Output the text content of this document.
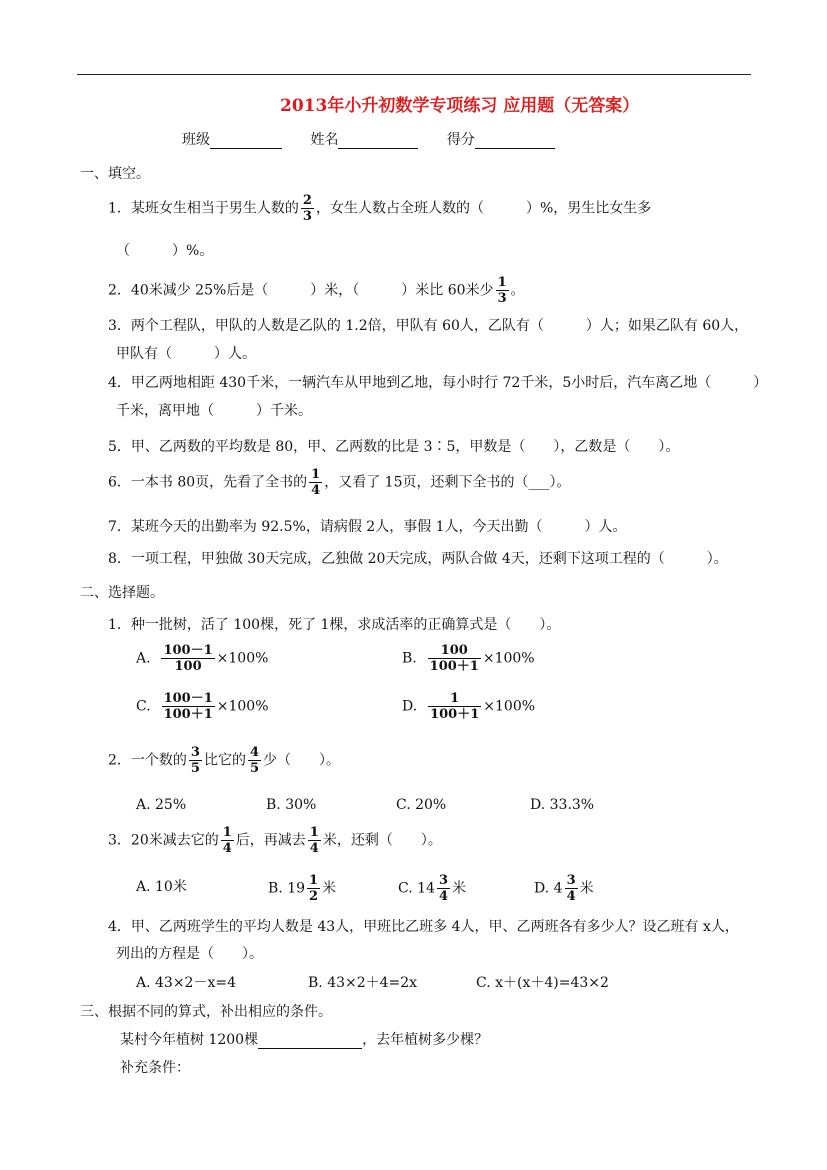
2013年小升初数学专项练习 应用题（无答案）
班级	姓名	得分
一、填空。
1．某班女生相当于男生人数的 $\frac{2}{3}$ ，女生人数占全班人数的（　　　）%，男生比女生多
（　　　）%。
2．40米减少 25%后是（　　　）米，（　　　）米比 60米少 $\frac{1}{3}$ 。
3．两个工程队，甲队的人数是乙队的 1.2倍，甲队有 60人，乙队有（　　　）人；如果乙队有 60人，
甲队有（　　　）人。
4．甲乙两地相距 430千米，一辆汽车从甲地到乙地，每小时行 72千米，5小时后，汽车离乙地（　　　）
千米，离甲地（　　　）千米。
5．甲、乙两数的平均数是 80，甲、乙两数的比是 3∶5，甲数是（　　），乙数是（　　）。
6．一本书 80页，先看了全书的 $\frac{1}{4}$ ，又看了 15页，还剩下全书的（___）。
7．某班今天的出勤率为 92.5%，请病假 2人，事假 1人，今天出勤（　　　）人。
8．一项工程，甲独做 30天完成，乙独做 20天完成，两队合做 4天，还剩下这项工程的（　　　）。
二、选择题。
1．种一批树，活了 100棵，死了 1棵，求成活率的正确算式是（　　）。
A. $\frac{100-1}{100} \times 100\%$	B. $\frac{100}{100+1} \times 100\%$
C. $\frac{100-1}{100+1} \times 100\%$	D. $\frac{1}{100+1} \times 100\%$
2．一个数的 $\frac{3}{5}$ 比它的 $\frac{4}{5}$ 少（　　）。
A. 25%	B. 30%	C. 20%	D. 33.3%
3．20米减去它的 $\frac{1}{4}$ 后，再减去 $\frac{1}{4}$ 米，还剩（　　）。
A. 10米	B. $19 \frac{1}{2}$ 米	C. $14 \frac{3}{4}$ 米	D. $4 \frac{3}{4}$ 米
4．甲、乙两班学生的平均人数是 43人，甲班比乙班多 4人，甲、乙两班各有多少人？设乙班有 x人，
列出的方程是（　　）。
A. 43×2－x=4	B. 43×2＋4=2x	C. x＋(x＋4)=43×2
三、根据不同的算式，补出相应的条件。
某村今年植树 1200棵	，去年植树多少棵？
补充条件：
